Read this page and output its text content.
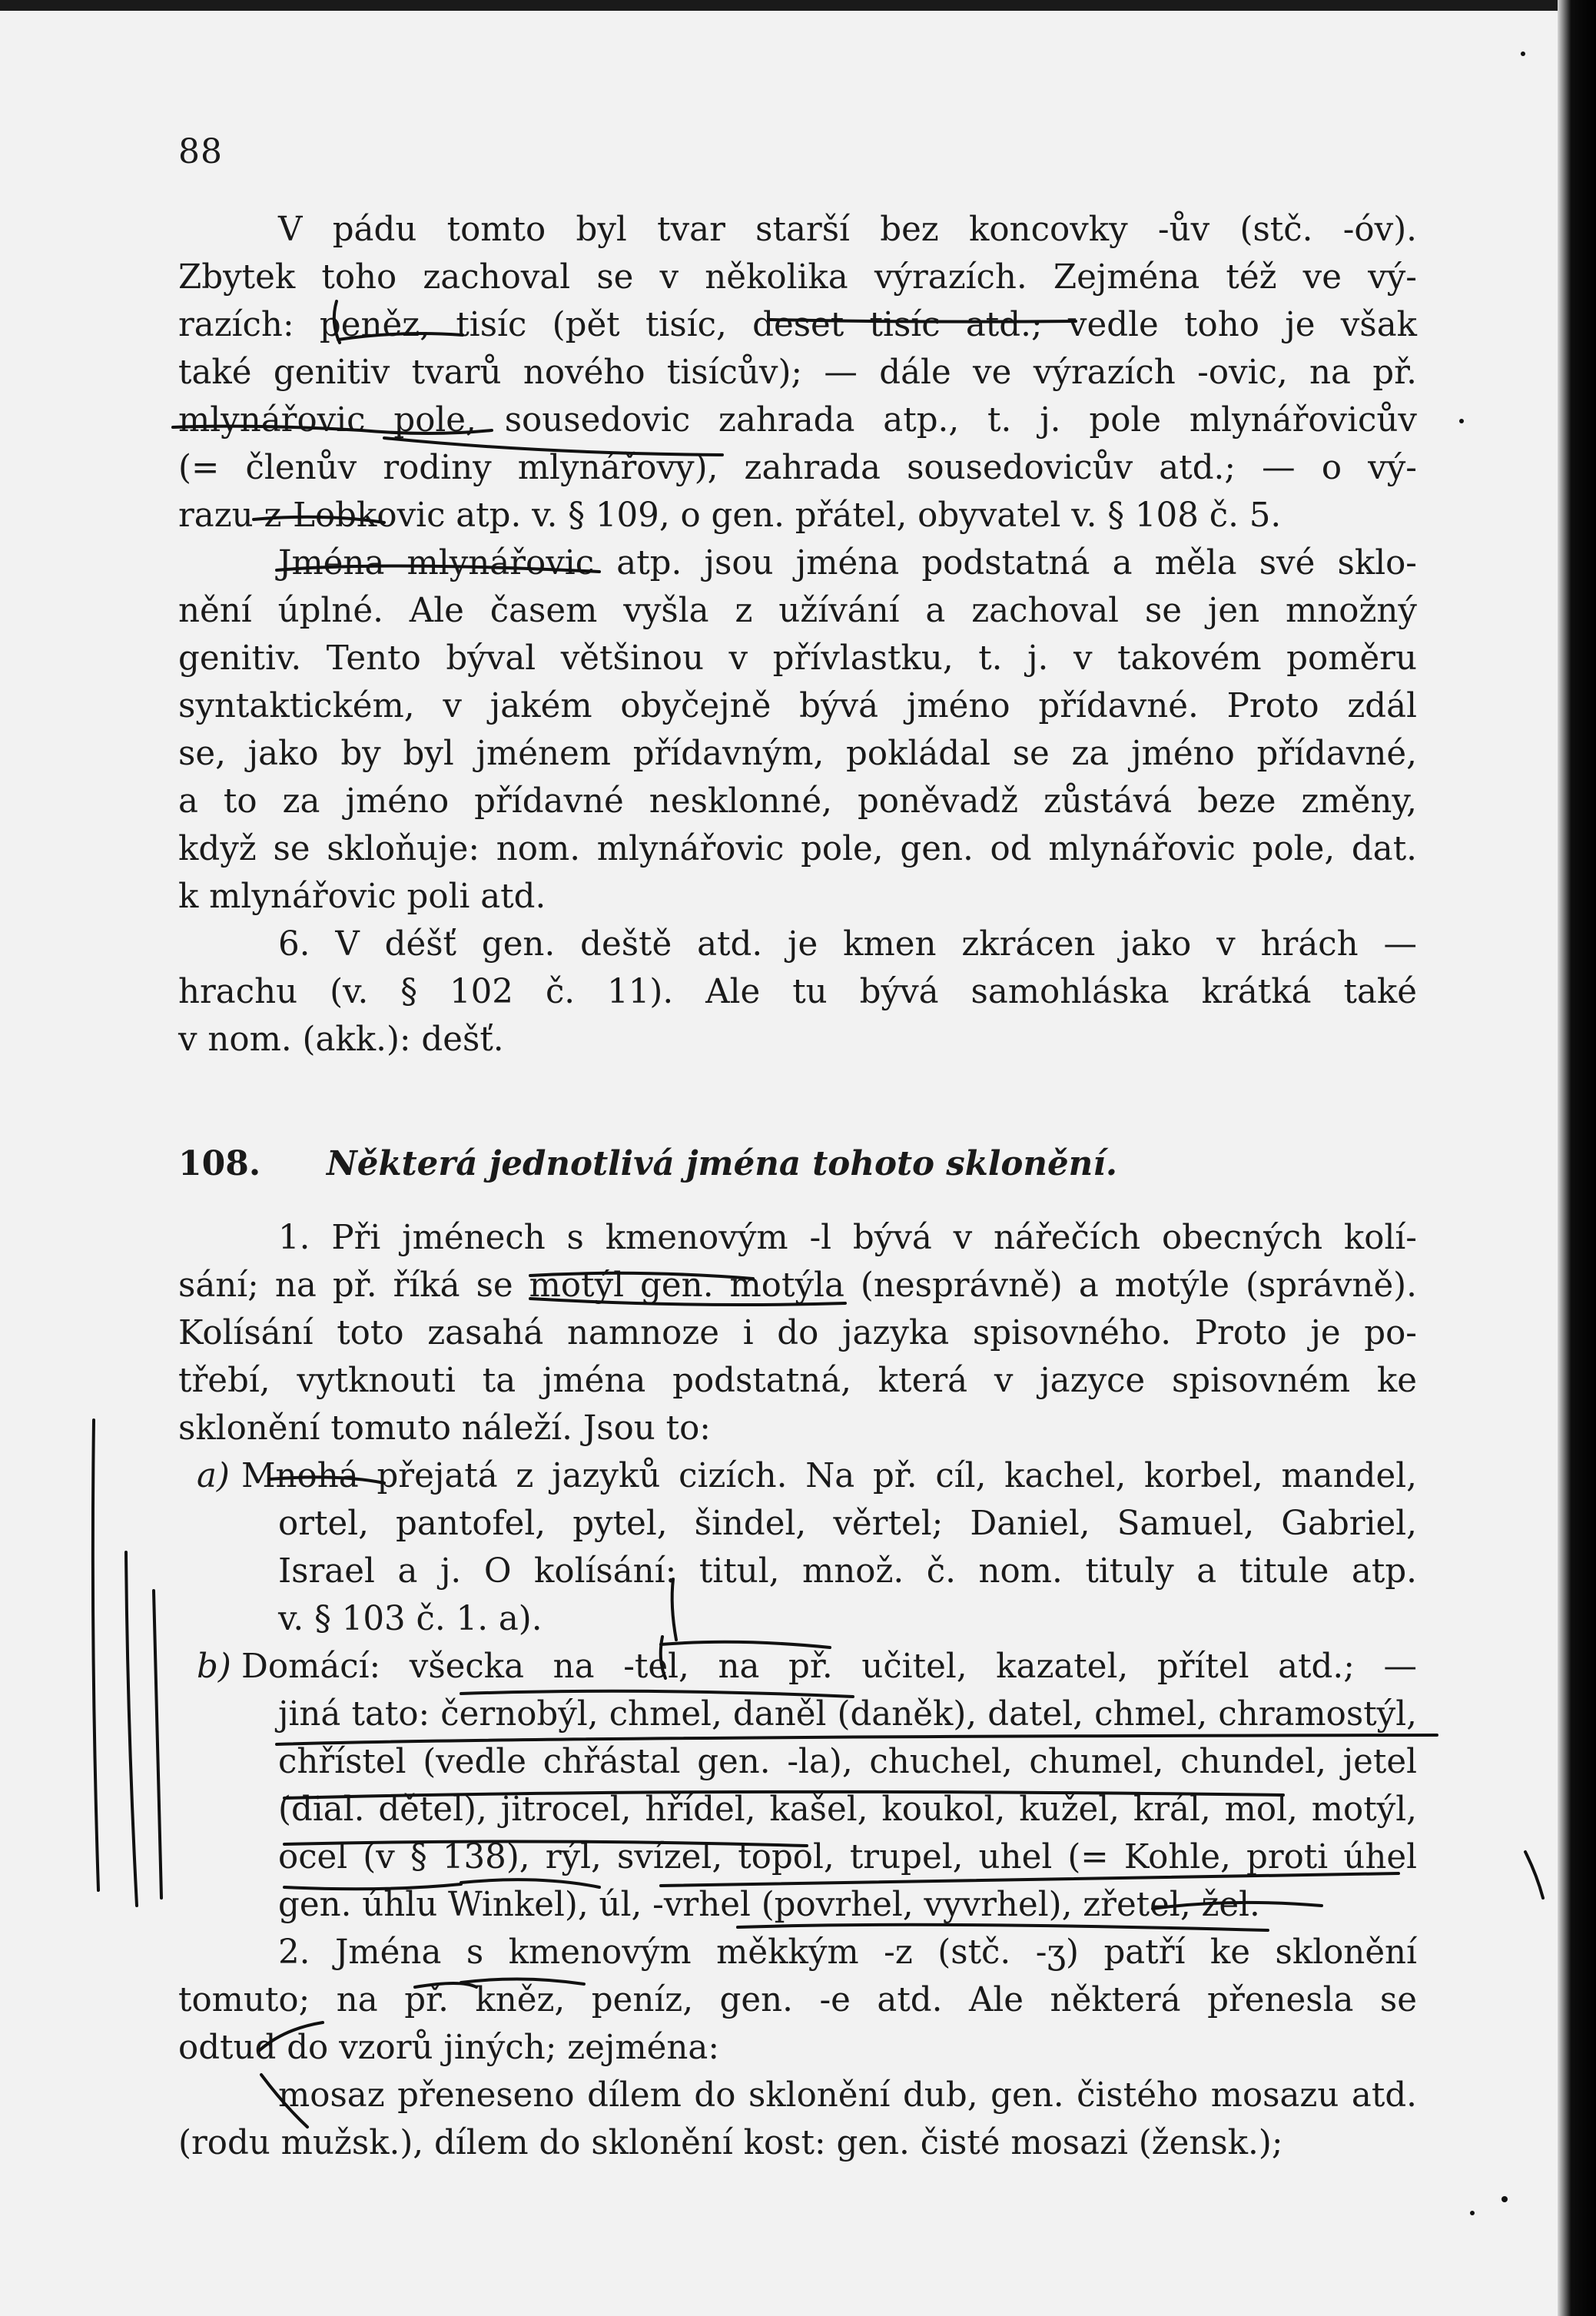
88
V pádu tomto byl tvar starší bez koncovky -ův (stč. -óv).
Zbytek toho zachoval se v několika výrazích. Zejména též ve vý-
razích: peněz, tisíc (pět tisíc, deset tisíc atd.; vedle toho je však
také genitiv tvarů nového tisícův); — dále ve výrazích -ovic, na př.
mlynářovic pole, sousedovic zahrada atp., t. j. pole mlynářovicův
(= členův rodiny mlynářovy), zahrada sousedovicův atd.; — o vý-
razu z-Lobkovic atp. v. § 109, o gen. přátel, obyvatel v. § 108 č. 5.
Jména mlynářovic atp. jsou jména podstatná a měla své sklo-
nění úplné. Ale časem vyšla z užívání a zachoval se jen množný
genitiv. Tento býval většinou v přívlastku, t. j. v takovém poměru
syntaktickém, v jakém obyčejně bývá jméno přídavné. Proto zdál
se, jako by byl jménem přídavným, pokládal se za jméno přídavné,
a to za jméno přídavné nesklonné, poněvadž zůstává beze změny,
když se skloňuje: nom. mlynářovic pole, gen. od mlynářovic pole, dat.
k mlynářovic poli atd.
6. V déšť gen. deště atd. je kmen zkrácen jako v hrách —
hrachu (v. § 102 č. 11). Ale tu bývá samohláska krátká také
v nom. (akk.): dešť.
108. Některá jednotlivá jména tohoto sklonění.
1. Při jménech s kmenovým -l bývá v nářečích obecných kolí-
sání; na př. říká se motýl gen. motýla (nesprávně) a motýle (správně).
Kolísání toto zasahá namnoze i do jazyka spisovného. Proto je po-
třebí, vytknouti ta jména podstatná, která v jazyce spisovném ke
sklonění tomuto náleží. Jsou to:
a) Mnohá přejatá z jazyků cizích. Na př. cíl, kachel, korbel, mandel,
ortel, pantofel, pytel, šindel, věrtel; Daniel, Samuel, Gabriel,
Israel a j. O kolísání: titul, množ. č. nom. tituly a titule atp.
v. § 103 č. 1. a).
b) Domácí: všecka na -tel, na př. učitel, kazatel, přítel atd.; —
jiná tato: černobýl, chmel, daněl (daněk), datel, chmel, chramostýl,
chřístel (vedle chřástal gen. -la), chuchel, chumel, chundel, jetel
(dial. dětel), jitrocel, hřídel, kašel, koukol, kužel, král, mol, motýl,
ocel (v § 138), rýl, svízel, topol, trupel, uhel (= Kohle, proti úhel
gen. úhlu Winkel), úl, -vrhel (povrhel, vyvrhel), zřetel, žel.
2. Jména s kmenovým měkkým -z (stč. -ʒ) patří ke sklonění
tomuto; na př. kněz, peníz, gen. -e atd. Ale některá přenesla se
odtud do vzorů jiných; zejména:
mosaz přeneseno dílem do sklonění dub, gen. čistého mosazu atd.
(rodu mužsk.), dílem do sklonění kost: gen. čisté mosazi (žensk.);
